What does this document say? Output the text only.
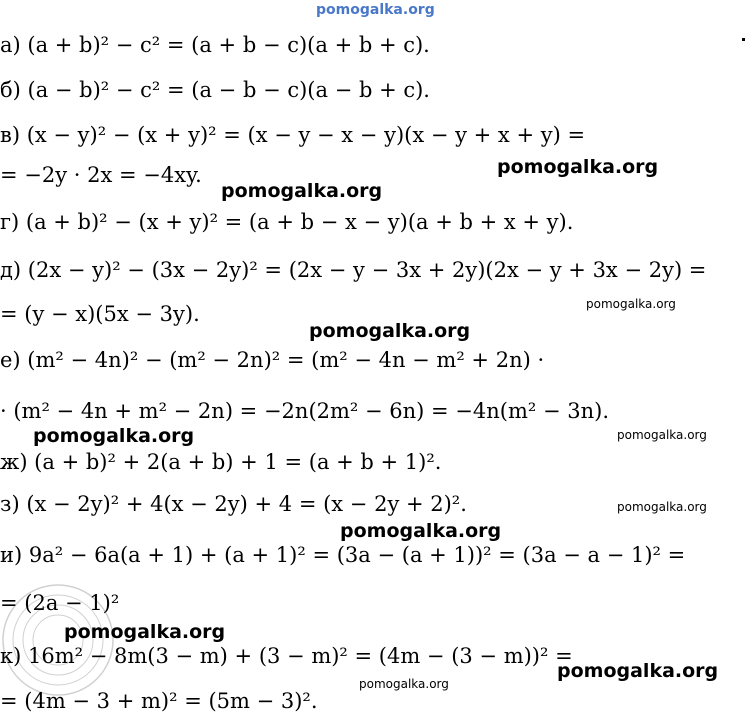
pomogalka.org
а) (a + b)² − c² = (a + b − c)(a + b + c).
б) (a − b)² − c² = (a − b − c)(a − b + c).
в) (x − y)² − (x + y)² = (x − y − x − y)(x − y + x + y) =
= −2y · 2x = −4xy.
г) (a + b)² − (x + y)² = (a + b − x − y)(a + b + x + y).
д) (2x − y)² − (3x − 2y)² = (2x − y − 3x + 2y)(2x − y + 3x − 2y) =
= (y − x)(5x − 3y).
е) (m² − 4n)² − (m² − 2n)² = (m² − 4n − m² + 2n) ·
· (m² − 4n + m² − 2n) = −2n(2m² − 6n) = −4n(m² − 3n).
ж) (a + b)² + 2(a + b) + 1 = (a + b + 1)².
з) (x − 2y)² + 4(x − 2y) + 4 = (x − 2y + 2)².
и) 9a² − 6a(a + 1) + (a + 1)² = (3a − (a + 1))² = (3a − a − 1)² =
= (2a − 1)²
к) 16m² − 8m(3 − m) + (3 − m)² = (4m − (3 − m))² =
= (4m − 3 + m)² = (5m − 3)².
pomogalka.org
pomogalka.org
pomogalka.org
pomogalka.org
pomogalka.org	pomogalka.org
pomogalka.org
pomogalka.org
pomogalka.org
pomogalka.org
pomogalka.org
